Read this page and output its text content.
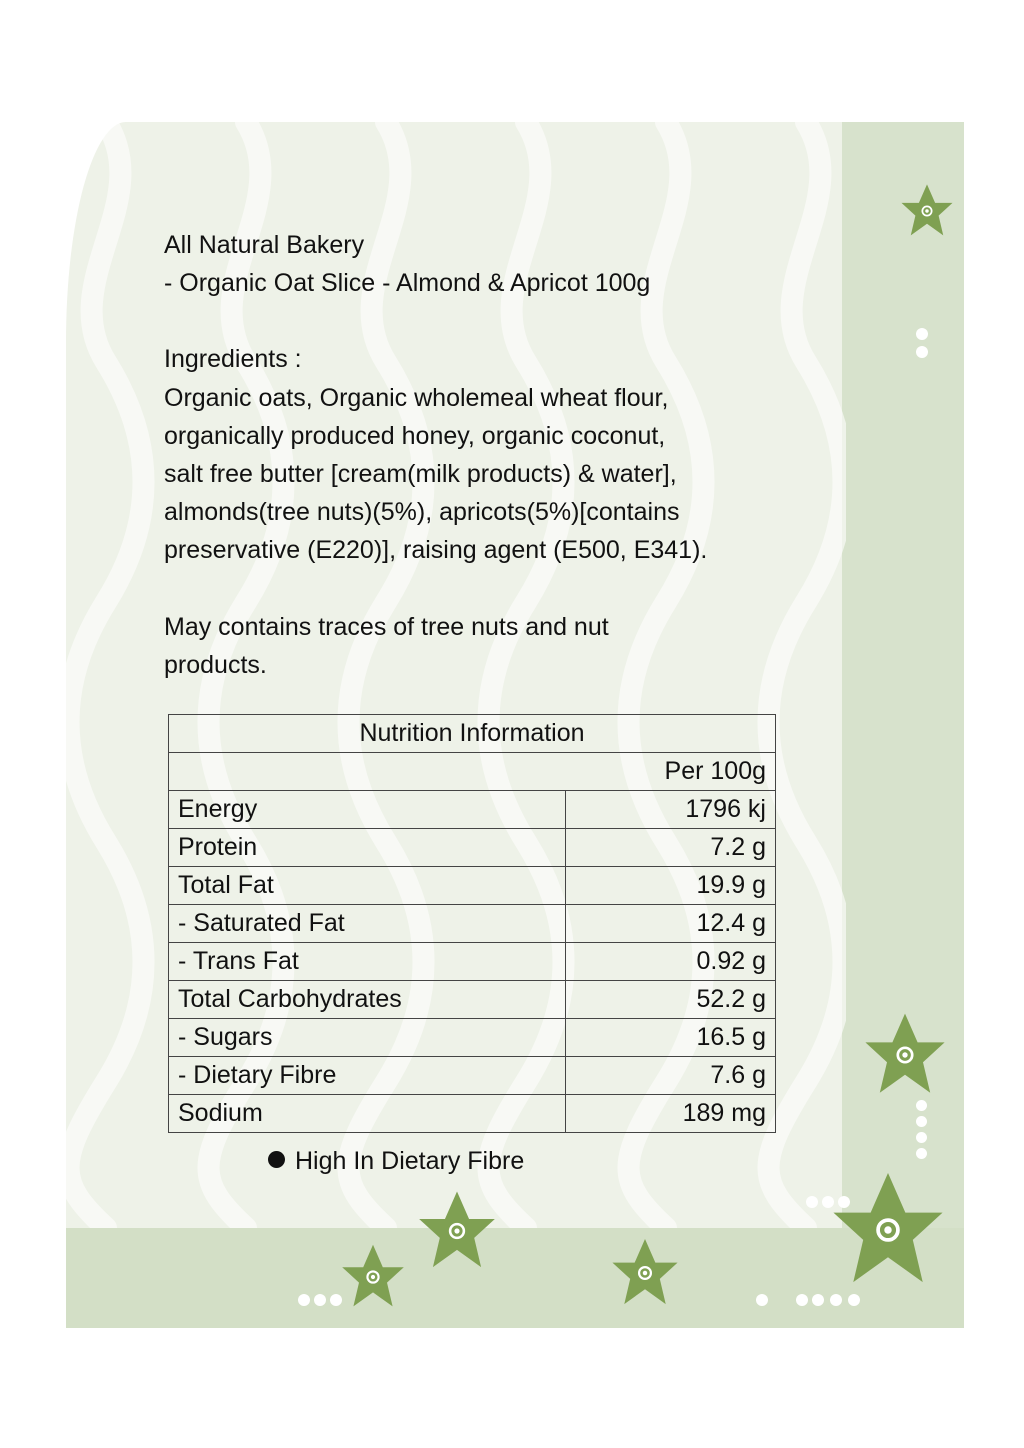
All Natural Bakery

- Organic Oat Slice - Almond & Apricot 100g

Ingredients :

Organic oats, Organic wholemeal wheat flour,

organically produced honey, organic coconut,

salt free butter [cream(milk products) & water],

almonds(tree nuts)(5%), apricots(5%)[contains

preservative (E220)], raising agent (E500, E341).

May contains traces of tree nuts and nut

products.

Nutrition Information	
Per 100g	
Energy	1796 kj
Protein	7.2 g
Total Fat	19.9 g
- Saturated Fat	12.4 g
- Trans Fat	0.92 g
Total Carbohydrates	52.2 g
- Sugars	16.5 g
- Dietary Fibre	7.6 g
Sodium	189 mg
High In Dietary Fibre
